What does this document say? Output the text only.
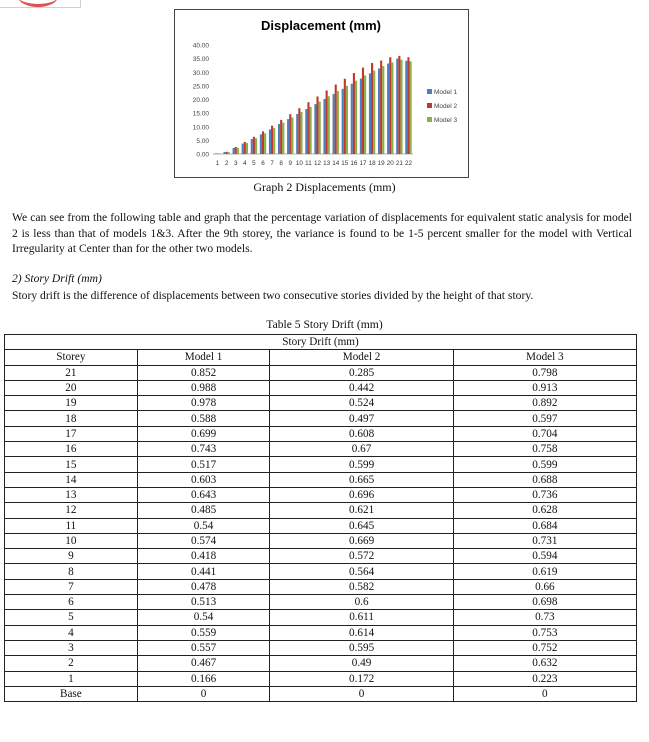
Displacement (mm)
0.00
5.00
10.00
15.00
20.00
25.00
30.00
35.00
40.00
1 2 3 4 5 6 7 8 9 10 11 12 13 14 15 16 17 18 19 20 21 22
Model 1
Model 2
Model 3
Graph 2 Displacements (mm)

We can see from the following table and graph that the percentage variation of displacements for equivalent static analysis for model 2 is less than that of models 1&3. After the 9th storey, the variance is found to be 1-5 percent smaller for the model with Vertical Irregularity at Center than for the other two models.

2) Story Drift (mm)

Story drift is the difference of displacements between two consecutive stories divided by the height of that story.

Table 5 Story Drift (mm)
Story Drift (mm)			
Storey	Model 1	Model 2	Model 3
21	0.852	0.285	0.798
20	0.988	0.442	0.913
19	0.978	0.524	0.892
18	0.588	0.497	0.597
17	0.699	0.608	0.704
16	0.743	0.67	0.758
15	0.517	0.599	0.599
14	0.603	0.665	0.688
13	0.643	0.696	0.736
12	0.485	0.621	0.628
11	0.54	0.645	0.684
10	0.574	0.669	0.731
9	0.418	0.572	0.594
8	0.441	0.564	0.619
7	0.478	0.582	0.66
6	0.513	0.6	0.698
5	0.54	0.611	0.73
4	0.559	0.614	0.753
3	0.557	0.595	0.752
2	0.467	0.49	0.632
1	0.166	0.172	0.223
Base	0	0	0
